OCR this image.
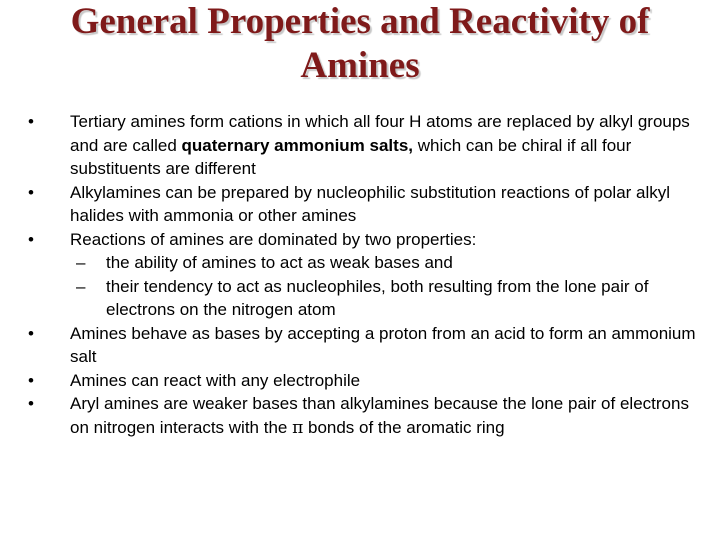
General Properties and Reactivity of
Amines
•	Tertiary amines form cations in which all four H atoms are replaced by alkyl groups and are called quaternary ammonium salts, which can be chiral if all four substituents are different
•	Alkylamines can be prepared by nucleophilic substitution reactions of polar alkyl halides with ammonia or other amines
•	Reactions of amines are dominated by two properties:
– the ability of amines to act as weak bases and
– their tendency to act as nucleophiles, both resulting from the lone pair of electrons on the nitrogen atom
•	Amines behave as bases by accepting a proton from an acid to form an ammonium salt
•	Amines can react with any electrophile
•	Aryl amines are weaker bases than alkylamines because the lone pair of electrons on nitrogen interacts with the π bonds of the aromatic ring
